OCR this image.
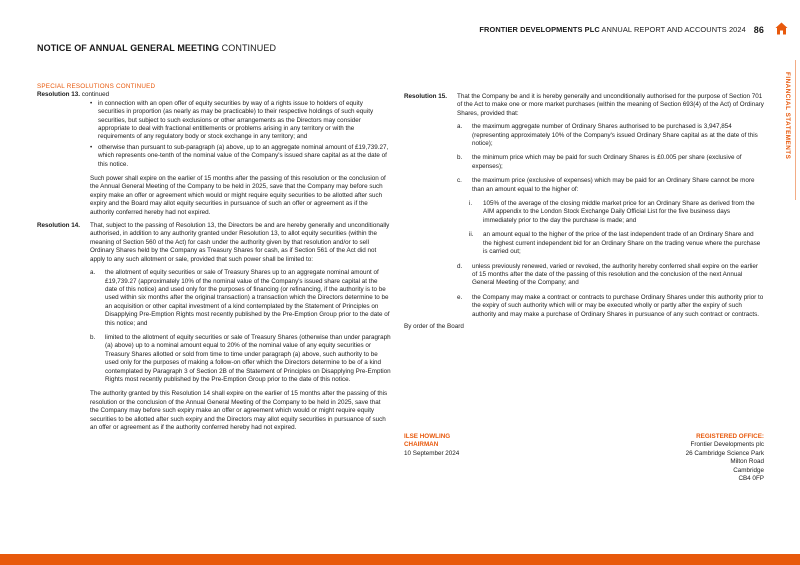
FRONTIER DEVELOPMENTS PLC ANNUAL REPORT AND ACCOUNTS 2024 86
NOTICE OF ANNUAL GENERAL MEETING CONTINUED
FINANCIAL STATEMENTS
SPECIAL RESOLUTIONS CONTINUED
Resolution 13. continued
• in connection with an open offer of equity securities by way of a rights issue to holders of equity securities in proportion (as nearly as may be practicable) to their respective holdings of such equity securities, but subject to such exclusions or other arrangements as the Directors may consider appropriate to deal with fractional entitlements or problems arising in any territory or with the requirements of any regulatory body or stock exchange in any territory; and
• otherwise than pursuant to sub-paragraph (a) above, up to an aggregate nominal amount of £19,739.27, which represents one-tenth of the nominal value of the Company's issued share capital as at the date of this notice.
Such power shall expire on the earlier of 15 months after the passing of this resolution or the conclusion of the Annual General Meeting of the Company to be held in 2025, save that the Company may before such expiry make an offer or agreement which would or might require equity securities to be allotted after such expiry and the Board may allot equity securities in pursuance of such an offer or agreement as if the authority conferred hereby had not expired.
Resolution 14. That, subject to the passing of Resolution 13, the Directors be and are hereby generally and unconditionally authorised, in addition to any authority granted under Resolution 13, to allot equity securities (within the meaning of Section 560 of the Act) for cash under the authority given by that resolution and/or to sell Ordinary Shares held by the Company as Treasury Shares for cash, as if Section 561 of the Act did not apply to any such allotment or sale, provided that such power shall be limited to:
a. the allotment of equity securities or sale of Treasury Shares up to an aggregate nominal amount of £19,739.27 (approximately 10% of the nominal value of the Company's issued share capital at the date of this notice) and used only for the purposes of financing (or refinancing, if the authority is to be used within six months after the original transaction) a transaction which the Directors determine to be an acquisition or other capital investment of a kind contemplated by the Statement of Principles on Disapplying Pre-Emption Rights most recently published by the Pre-Emption Group prior to the date of this notice; and
b. limited to the allotment of equity securities or sale of Treasury Shares (otherwise than under paragraph (a) above) up to a nominal amount equal to 20% of the nominal value of any equity securities or Treasury Shares allotted or sold from time to time under paragraph (a) above, such authority to be used only for the purposes of making a follow-on offer which the Directors determine to be of a kind contemplated by Paragraph 3 of Section 2B of the Statement of Principles on Disapplying Pre-Emption Rights most recently published by the Pre-Emption Group prior to the date of this notice.
The authority granted by this Resolution 14 shall expire on the earlier of 15 months after the passing of this resolution or the conclusion of the Annual General Meeting of the Company to be held in 2025, save that the Company may before such expiry make an offer or agreement which would or might require equity securities to be allotted after such expiry and the Directors may allot equity securities in pursuance of such an offer or agreement as if the authority conferred hereby had not expired.
Resolution 15. That the Company be and it is hereby generally and unconditionally authorised for the purpose of Section 701 of the Act to make one or more market purchases (within the meaning of Section 693(4) of the Act) of Ordinary Shares, provided that:
a. the maximum aggregate number of Ordinary Shares authorised to be purchased is 3,947,854 (representing approximately 10% of the Company's issued Ordinary Share capital as at the date of this notice);
b. the minimum price which may be paid for such Ordinary Shares is £0.005 per share (exclusive of expenses);
c. the maximum price (exclusive of expenses) which may be paid for an Ordinary Share cannot be more than an amount equal to the higher of:
i. 105% of the average of the closing middle market price for an Ordinary Share as derived from the AIM appendix to the London Stock Exchange Daily Official List for the five business days immediately prior to the day the purchase is made; and
ii. an amount equal to the higher of the price of the last independent trade of an Ordinary Share and the highest current independent bid for an Ordinary Share on the trading venue where the purchase is carried out;
d. unless previously renewed, varied or revoked, the authority hereby conferred shall expire on the earlier of 15 months after the date of the passing of this resolution and the conclusion of the next Annual General Meeting of the Company; and
e. the Company may make a contract or contracts to purchase Ordinary Shares under this authority prior to the expiry of such authority which will or may be executed wholly or partly after the expiry of such authority and may make a purchase of Ordinary Shares in pursuance of any such contract or contracts.
By order of the Board
ILSE HOWLING
CHAIRMAN
10 September 2024
REGISTERED OFFICE:
Frontier Developments plc
26 Cambridge Science Park
Milton Road
Cambridge
CB4 0FP
